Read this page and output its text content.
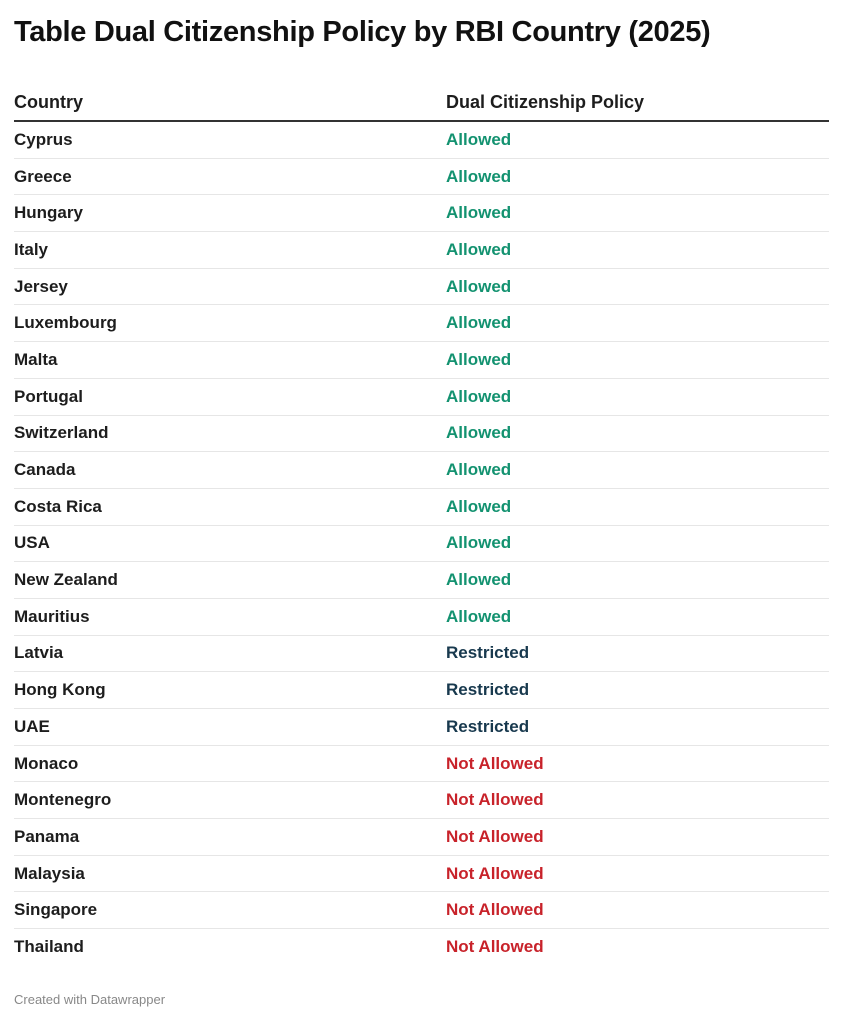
Table Dual Citizenship Policy by RBI Country (2025)
Country	Dual Citizenship Policy
Cyprus	Allowed
Greece	Allowed
Hungary	Allowed
Italy	Allowed
Jersey	Allowed
Luxembourg	Allowed
Malta	Allowed
Portugal	Allowed
Switzerland	Allowed
Canada	Allowed
Costa Rica	Allowed
USA	Allowed
New Zealand	Allowed
Mauritius	Allowed
Latvia	Restricted
Hong Kong	Restricted
UAE	Restricted
Monaco	Not Allowed
Montenegro	Not Allowed
Panama	Not Allowed
Malaysia	Not Allowed
Singapore	Not Allowed
Thailand	Not Allowed
Created with Datawrapper
